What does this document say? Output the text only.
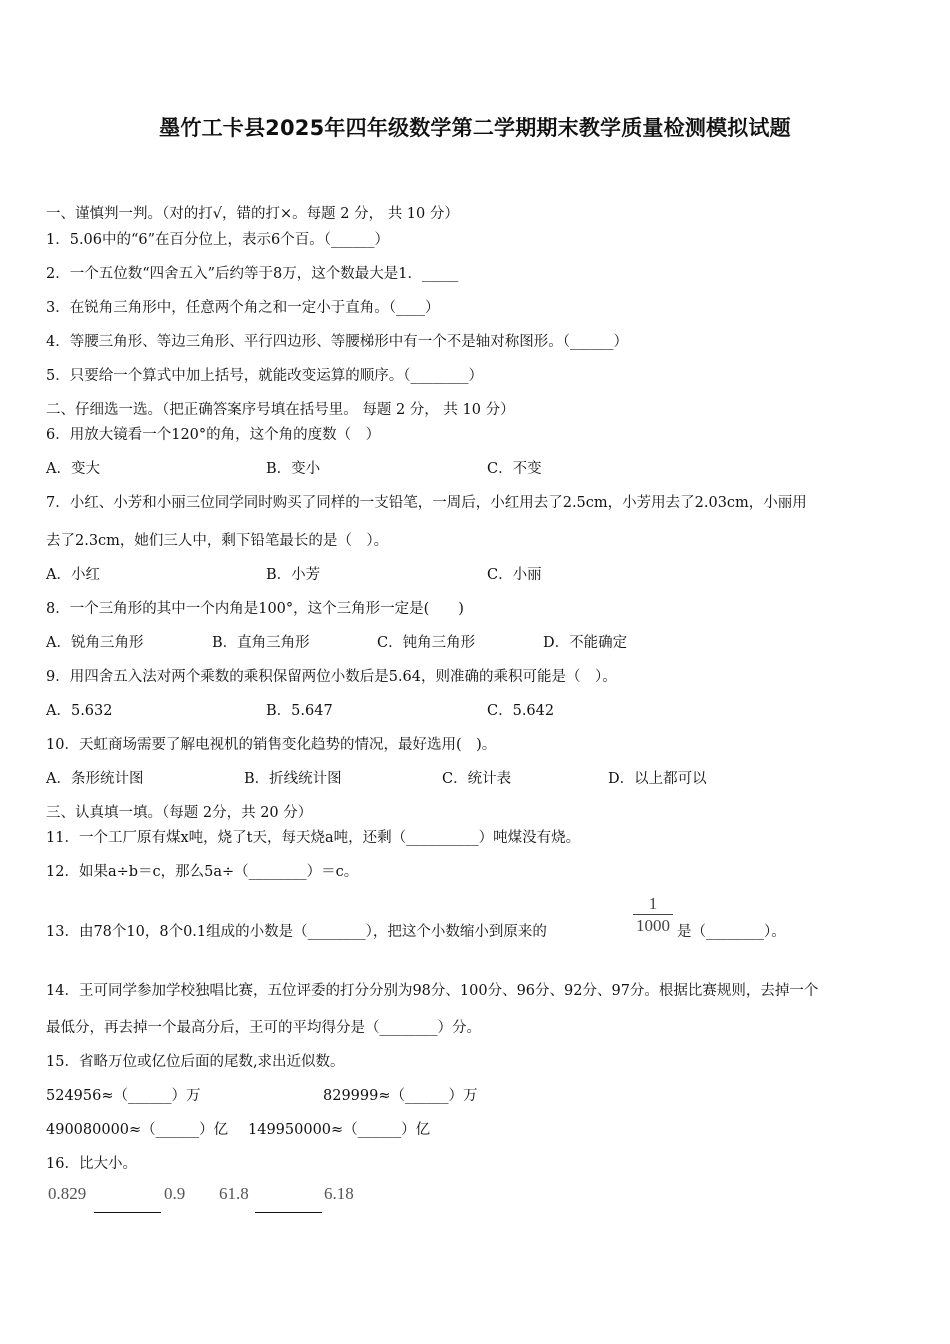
墨竹工卡县2025年四年级数学第二学期期末教学质量检测模拟试题
一、谨慎判一判。（对的打√，错的打×。每题 2 分， 共 10 分）
1．5.06中的“6”在百分位上，表示6个百。（______）
2．一个五位数“四舍五入”后约等于8万，这个数最大是1．_____
3．在锐角三角形中，任意两个角之和一定小于直角。（____）
4．等腰三角形、等边三角形、平行四边形、等腰梯形中有一个不是轴对称图形。（______）
5．只要给一个算式中加上括号，就能改变运算的顺序。（________）
二、仔细选一选。（把正确答案序号填在括号里。 每题 2 分， 共 10 分）
6．用放大镜看一个120°的角，这个角的度数（　）
A．变大	B．变小	C．不变
7．小红、小芳和小丽三位同学同时购买了同样的一支铅笔，一周后，小红用去了2.5cm，小芳用去了2.03cm，小丽用
去了2.3cm，她们三人中，剩下铅笔最长的是（　）。
A．小红	B．小芳	C．小丽
8．一个三角形的其中一个内角是100°，这个三角形一定是(　　)
A．锐角三角形	B．直角三角形	C．钝角三角形	D．不能确定
9．用四舍五入法对两个乘数的乘积保留两位小数后是5.64，则准确的乘积可能是（　）。
A．5.632	B．5.647	C．5.642
10．天虹商场需要了解电视机的销售变化趋势的情况，最好选用(　)。
A．条形统计图	B．折线统计图	C．统计表	D．以上都可以
三、认真填一填。（每题 2分，共 20 分）
11．一个工厂原有煤x吨，烧了t天，每天烧a吨，还剩（__________）吨煤没有烧。
12．如果a÷b＝c，那么5a÷（________）＝c。
13．由78个10，8个0.1组成的小数是（________），把这个小数缩小到原来的
1
1000 是（________）。
14．王可同学参加学校独唱比赛，五位评委的打分分别为98分、100分、96分、92分、97分。根据比赛规则，去掉一个
最低分，再去掉一个最高分后，王可的平均得分是（________）分。
15．省略万位或亿位后面的尾数,求出近似数。
524956≈（______）万	829999≈（______）万
490080000≈（______）亿 149950000≈（______）亿
16．比大小。
0.829	0.9 61.8	6.18
